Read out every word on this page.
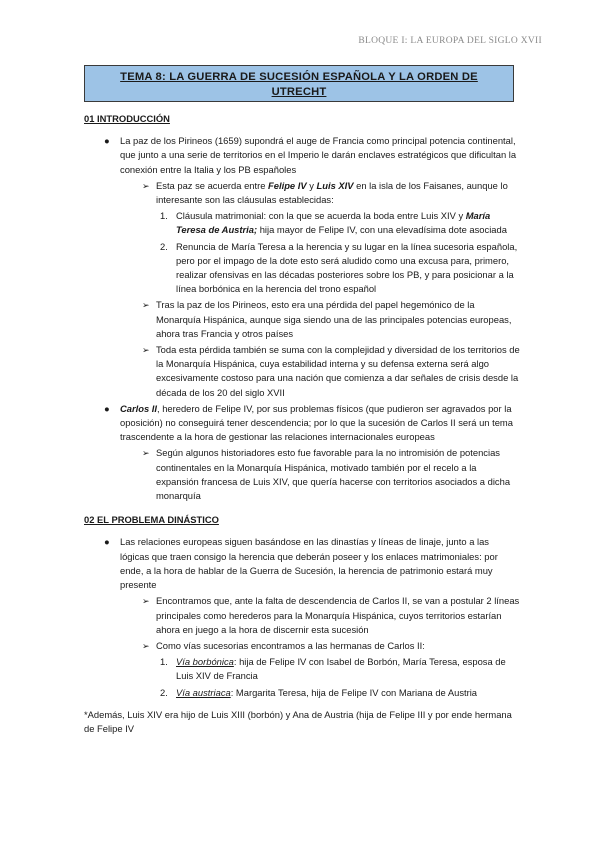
BLOQUE I: LA EUROPA DEL SIGLO XVII
TEMA 8: LA GUERRA DE SUCESIÓN ESPAÑOLA Y LA ORDEN DE
UTRECHT
01 INTRODUCCIÓN
● La paz de los Pirineos (1659) supondrá el auge de Francia como principal potencia continental, que junto a una serie de territorios en el Imperio le darán enclaves estratégicos que dificultan la conexión entre la Italia y los PB españoles
➢ Esta paz se acuerda entre Felipe IV y Luis XIV en la isla de los Faisanes, aunque lo interesante son las cláusulas establecidas:
1. Cláusula matrimonial: con la que se acuerda la boda entre Luis XIV y María Teresa de Austria; hija mayor de Felipe IV, con una elevadísima dote asociada
2. Renuncia de María Teresa a la herencia y su lugar en la línea sucesoria española, pero por el impago de la dote esto será aludido como una excusa para, primero, realizar ofensivas en las décadas posteriores sobre los PB, y para posicionar a la línea borbónica en la herencia del trono español
➢ Tras la paz de los Pirineos, esto era una pérdida del papel hegemónico de la Monarquía Hispánica, aunque siga siendo una de las principales potencias europeas, ahora tras Francia y otros países
➢ Toda esta pérdida también se suma con la complejidad y diversidad de los territorios de la Monarquía Hispánica, cuya estabilidad interna y su defensa externa será algo excesivamente costoso para una nación que comienza a dar señales de crisis desde la década de los 20 del siglo XVII
● Carlos II, heredero de Felipe IV, por sus problemas físicos (que pudieron ser agravados por la oposición) no conseguirá tener descendencia; por lo que la sucesión de Carlos II será un tema trascendente a la hora de gestionar las relaciones internacionales europeas
➢ Según algunos historiadores esto fue favorable para la no intromisión de potencias continentales en la Monarquía Hispánica, motivado también por el recelo a la expansión francesa de Luis XIV, que quería hacerse con territorios asociados a dicha monarquía
02 EL PROBLEMA DINÁSTICO
● Las relaciones europeas siguen basándose en las dinastías y líneas de linaje, junto a las lógicas que traen consigo la herencia que deberán poseer y los enlaces matrimoniales: por ende, a la hora de hablar de la Guerra de Sucesión, la herencia de patrimonio estará muy presente
➢ Encontramos que, ante la falta de descendencia de Carlos II, se van a postular 2 líneas principales como herederos para la Monarquía Hispánica, cuyos territorios estarían ahora en juego a la hora de discernir esta sucesión
➢ Como vías sucesorias encontramos a las hermanas de Carlos II:
1. Vía borbónica: hija de Felipe IV con Isabel de Borbón, María Teresa, esposa de Luis XIV de Francia
2. Vía austriaca: Margarita Teresa, hija de Felipe IV con Mariana de Austria
*Además, Luis XIV era hijo de Luis XIII (borbón) y Ana de Austria (hija de Felipe III y por ende hermana de Felipe IV
